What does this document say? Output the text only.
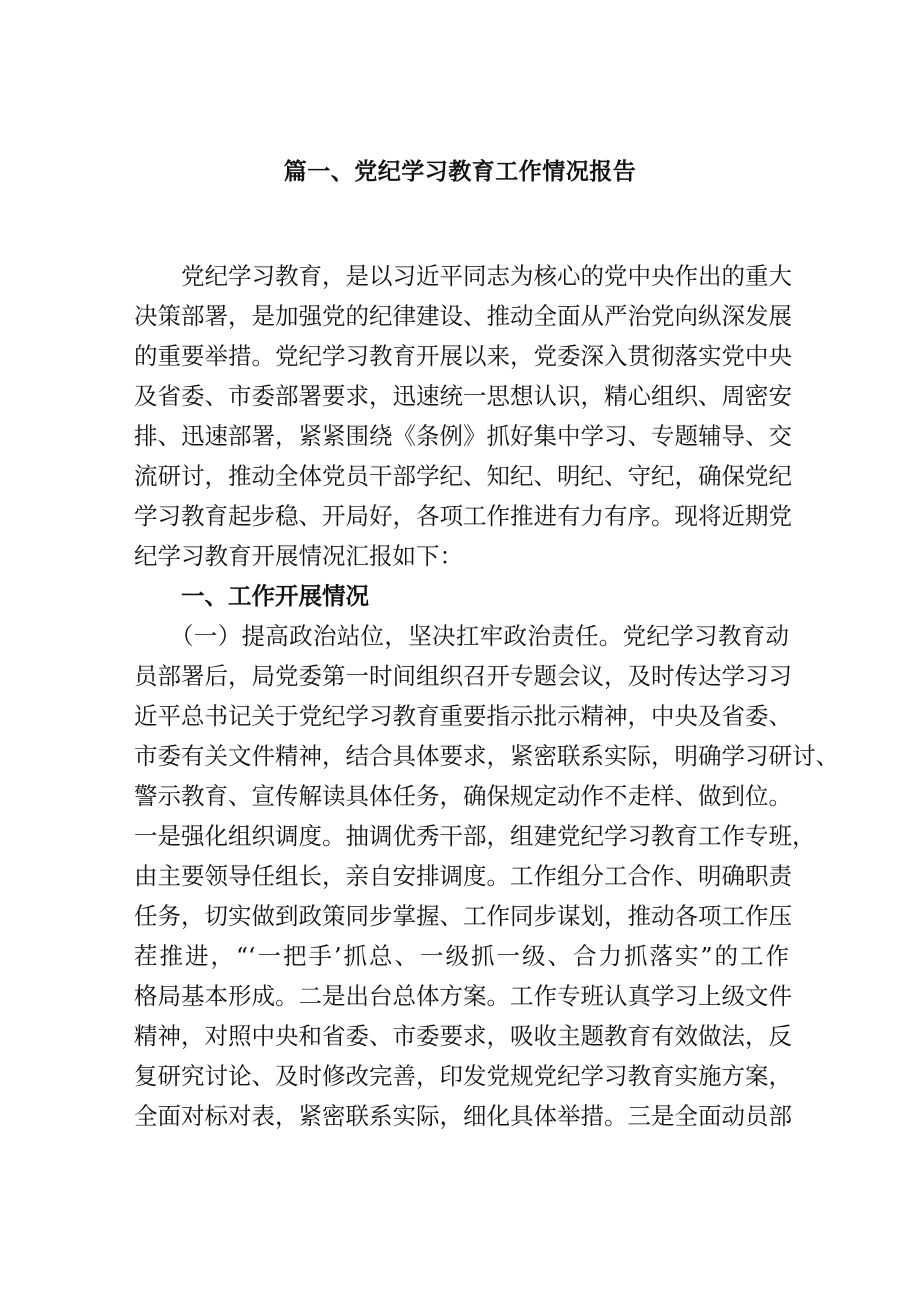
篇一、党纪学习教育工作情况报告
党纪学习教育，是以习近平同志为核心的党中央作出的重大
决策部署，是加强党的纪律建设、推动全面从严治党向纵深发展
的重要举措。党纪学习教育开展以来，党委深入贯彻落实党中央
及省委、市委部署要求，迅速统一思想认识，精心组织、周密安
排、迅速部署，紧紧围绕《条例》抓好集中学习、专题辅导、交
流研讨，推动全体党员干部学纪、知纪、明纪、守纪，确保党纪
学习教育起步稳、开局好，各项工作推进有力有序。现将近期党
纪学习教育开展情况汇报如下：
一、工作开展情况
（一）提高政治站位，坚决扛牢政治责任。党纪学习教育动
员部署后，局党委第一时间组织召开专题会议，及时传达学习习
近平总书记关于党纪学习教育重要指示批示精神，中央及省委、
市委有关文件精神，结合具体要求，紧密联系实际，明确学习研讨、
警示教育、宣传解读具体任务，确保规定动作不走样、做到位。
一是强化组织调度。抽调优秀干部，组建党纪学习教育工作专班，
由主要领导任组长，亲自安排调度。工作组分工合作、明确职责
任务，切实做到政策同步掌握、工作同步谋划，推动各项工作压
茬推进，“‘一把手’抓总、一级抓一级、合力抓落实”的工作
格局基本形成。二是出台总体方案。工作专班认真学习上级文件
精神，对照中央和省委、市委要求，吸收主题教育有效做法，反
复研究讨论、及时修改完善，印发党规党纪学习教育实施方案，
全面对标对表，紧密联系实际，细化具体举措。三是全面动员部
